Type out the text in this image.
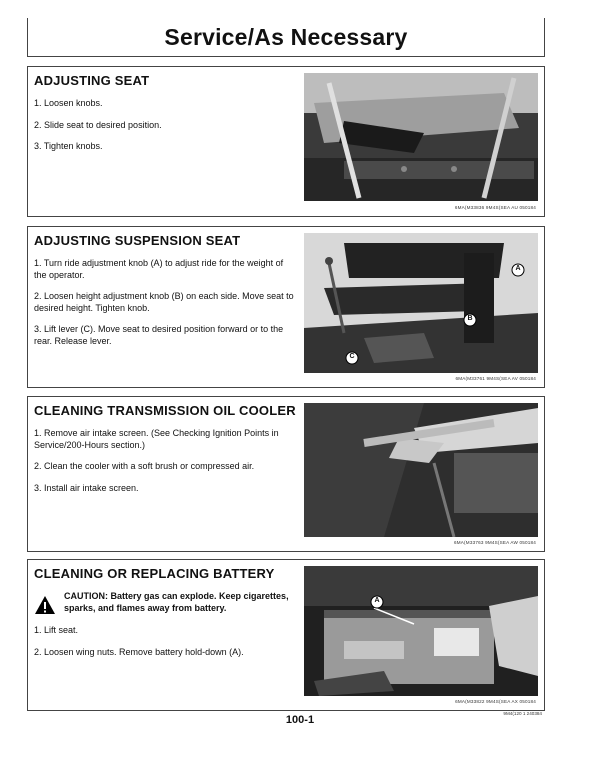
Service/As Necessary
ADJUSTING SEAT
1. Loosen knobs.
2. Slide seat to desired position.
3. Tighten knobs.
6MA(M33836 9M4S(SEA AU 050184
ADJUSTING SUSPENSION SEAT
1. Turn ride adjustment knob (A) to adjust ride for the weight of the operator.
2. Loosen height adjustment knob (B) on each side. Move seat to desired height. Tighten knob.
3. Lift lever (C). Move seat to desired position forward or to the rear. Release lever.
A
B
C
6MA(M33761 9M4S(SEA AV 050184
CLEANING TRANSMISSION OIL COOLER
1. Remove air intake screen. (See Checking Ignition Points in Service/200-Hours section.)
2. Clean the cooler with a soft brush or compressed air.
3. Install air intake screen.
6MA(M33763 9M4S(SEA AW 050184
CLEANING OR REPLACING BATTERY
CAUTION: Battery gas can explode. Keep cigarettes, sparks, and flames away from battery.
1. Lift seat.
2. Loosen wing nuts. Remove battery hold-down (A).
A
6MA(M33822 9M4S(SEA AX 050184
100-1
9M4(120 1 240384
